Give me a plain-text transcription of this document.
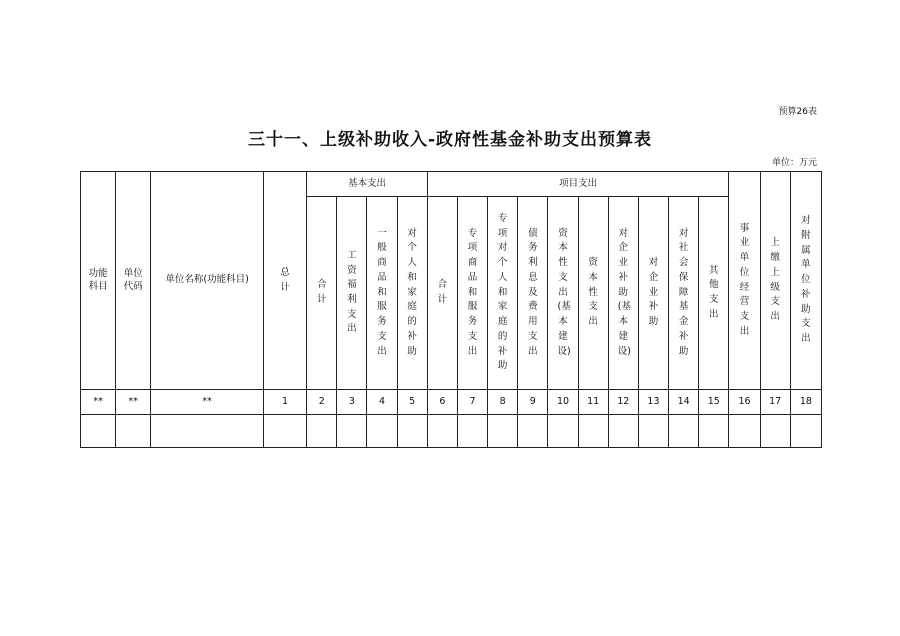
预算26表
三十一、上级补助收入-政府性基金补助支出预算表
单位：万元
功能科目	单位代码	单位名称(功能科目)	总计	基本支出				项目支出										事业单位经营支出	上缴上级支出	对附属单位补助支出
				合计	工资福利支出	一般商品和服务支出	对个人和家庭的补助	合计	专项商品和服务支出	专项对个人和家庭的补助	债务利息及费用支出	资本性支出(基本建设)	资本性支出	对企业补助(基本建设)	对企业补助	对社会保障基金补助	其他支出			
**	**	**	1	2	3	4	5	6	7	8	9	10	11	12	13	14	15	16	17	18
